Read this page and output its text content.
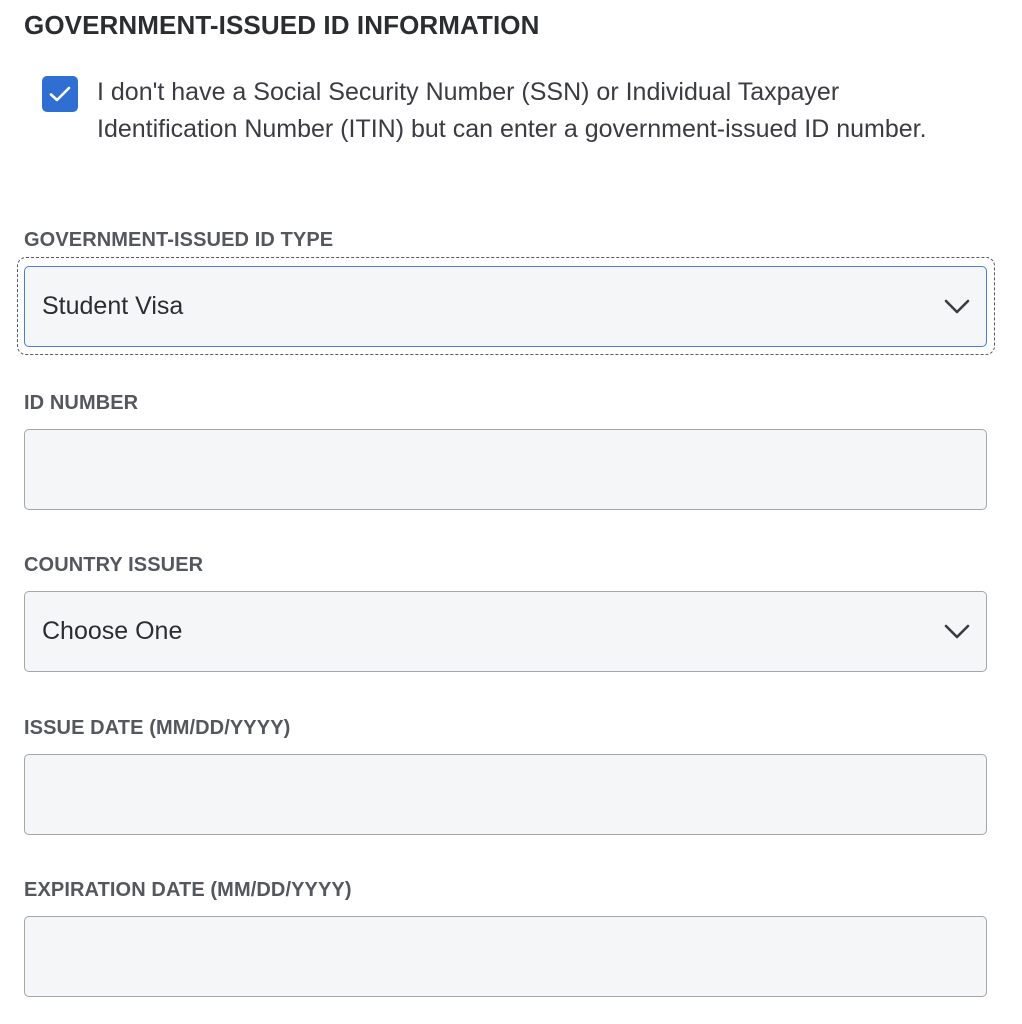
GOVERNMENT-ISSUED ID INFORMATION
I don't have a Social Security Number (SSN) or Individual Taxpayer Identification Number (ITIN) but can enter a government-issued ID number.
GOVERNMENT-ISSUED ID TYPE
Student Visa
ID NUMBER
COUNTRY ISSUER
Choose One
ISSUE DATE (MM/DD/YYYY)
EXPIRATION DATE (MM/DD/YYYY)
